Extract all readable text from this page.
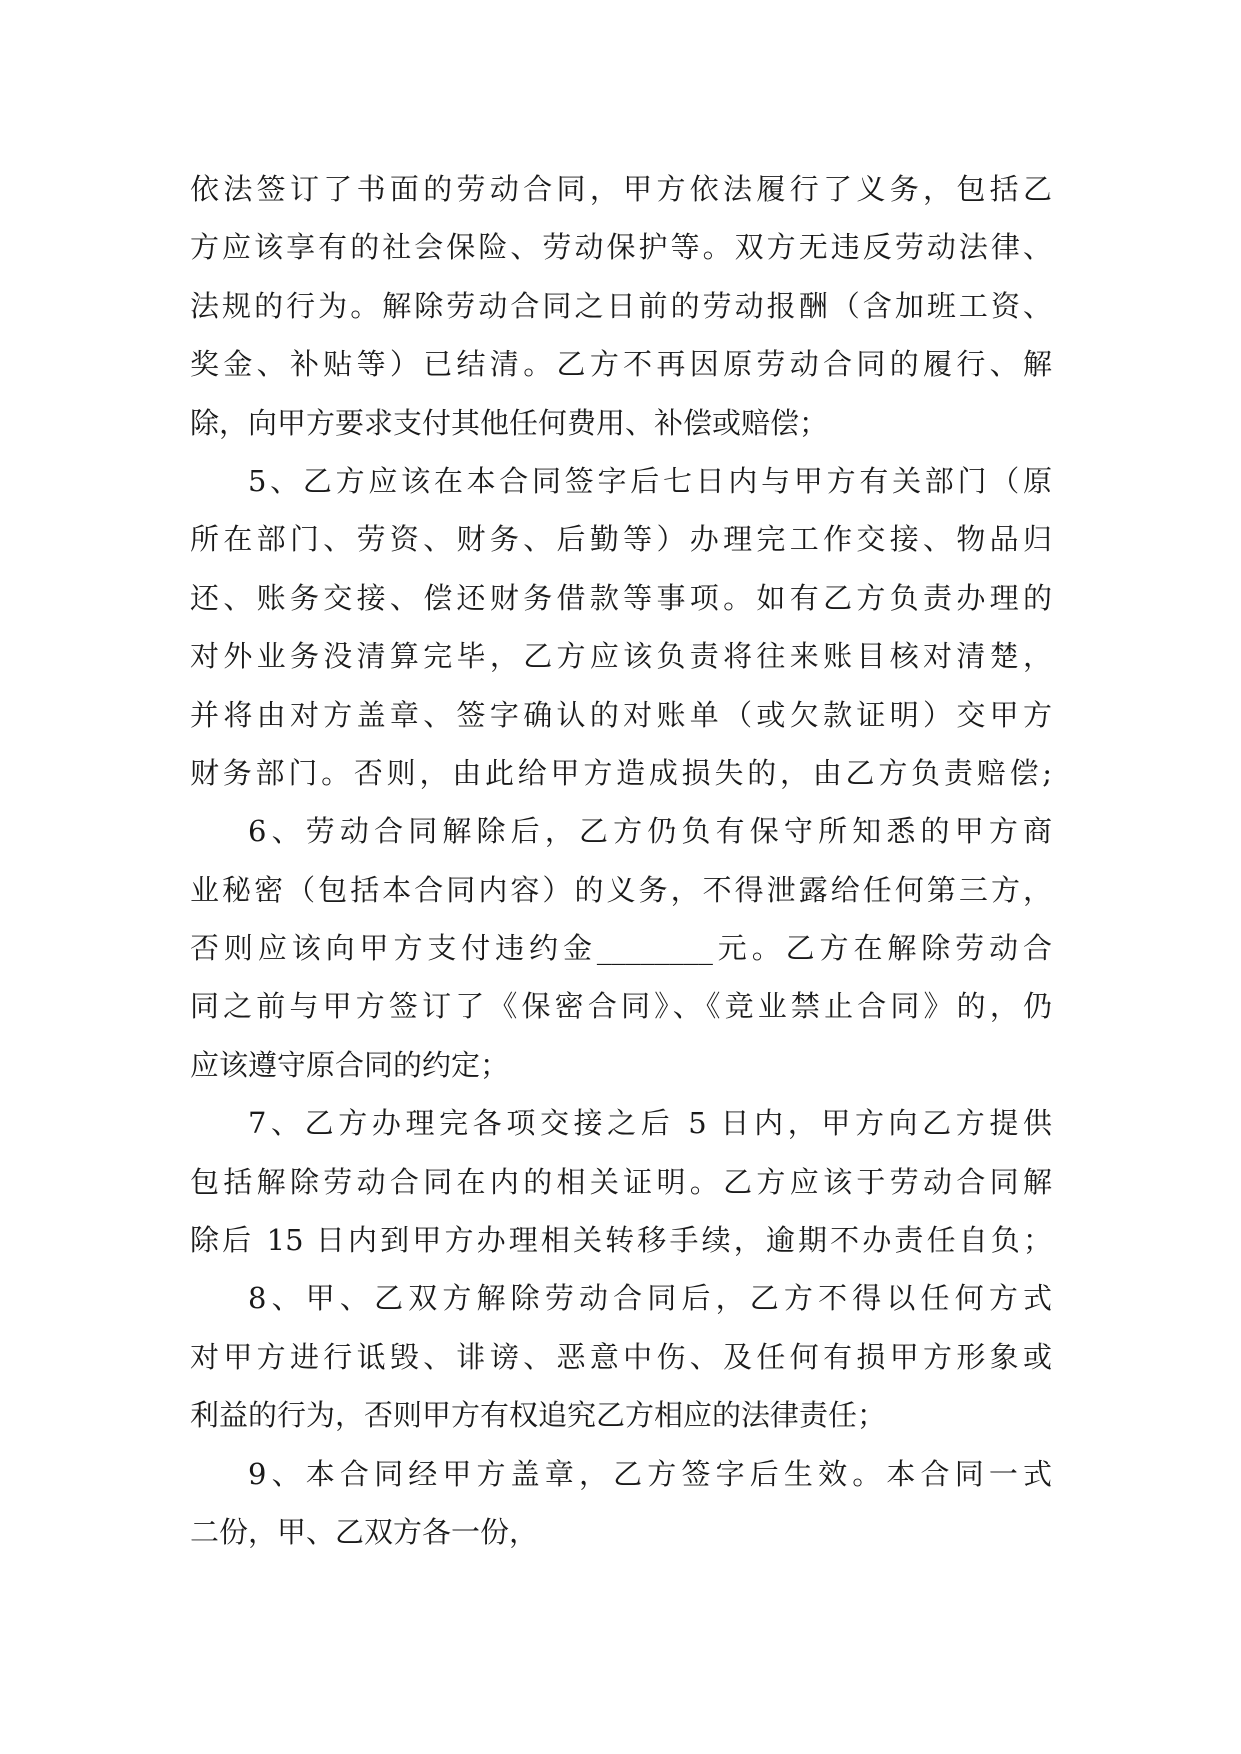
依法签订了书面的劳动合同，甲方依法履行了义务，包括乙
方应该享有的社会保险、劳动保护等。双方无违反劳动法律、
法规的行为。解除劳动合同之日前的劳动报酬（含加班工资、
奖金、补贴等）已结清。乙方不再因原劳动合同的履行、解
除，向甲方要求支付其他任何费用、补偿或赔偿；
5、乙方应该在本合同签字后七日内与甲方有关部门（原
所在部门、劳资、财务、后勤等）办理完工作交接、物品归
还、账务交接、偿还财务借款等事项。如有乙方负责办理的
对外业务没清算完毕，乙方应该负责将往来账目核对清楚，
并将由对方盖章、签字确认的对账单（或欠款证明）交甲方
财务部门。否则，由此给甲方造成损失的，由乙方负责赔偿;
6、劳动合同解除后，乙方仍负有保守所知悉的甲方商
业秘密（包括本合同内容）的义务，不得泄露给任何第三方，
否则应该向甲方支付违约金________元。乙方在解除劳动合
同之前与甲方签订了《保密合同》、《竞业禁止合同》的，仍
应该遵守原合同的约定；
7、乙方办理完各项交接之后 5 日内，甲方向乙方提供
包括解除劳动合同在内的相关证明。乙方应该于劳动合同解
除后 15 日内到甲方办理相关转移手续，逾期不办责任自负；
8、甲、乙双方解除劳动合同后，乙方不得以任何方式
对甲方进行诋毁、诽谤、恶意中伤、及任何有损甲方形象或
利益的行为，否则甲方有权追究乙方相应的法律责任；
9、本合同经甲方盖章，乙方签字后生效。本合同一式
二份，甲、乙双方各一份，
